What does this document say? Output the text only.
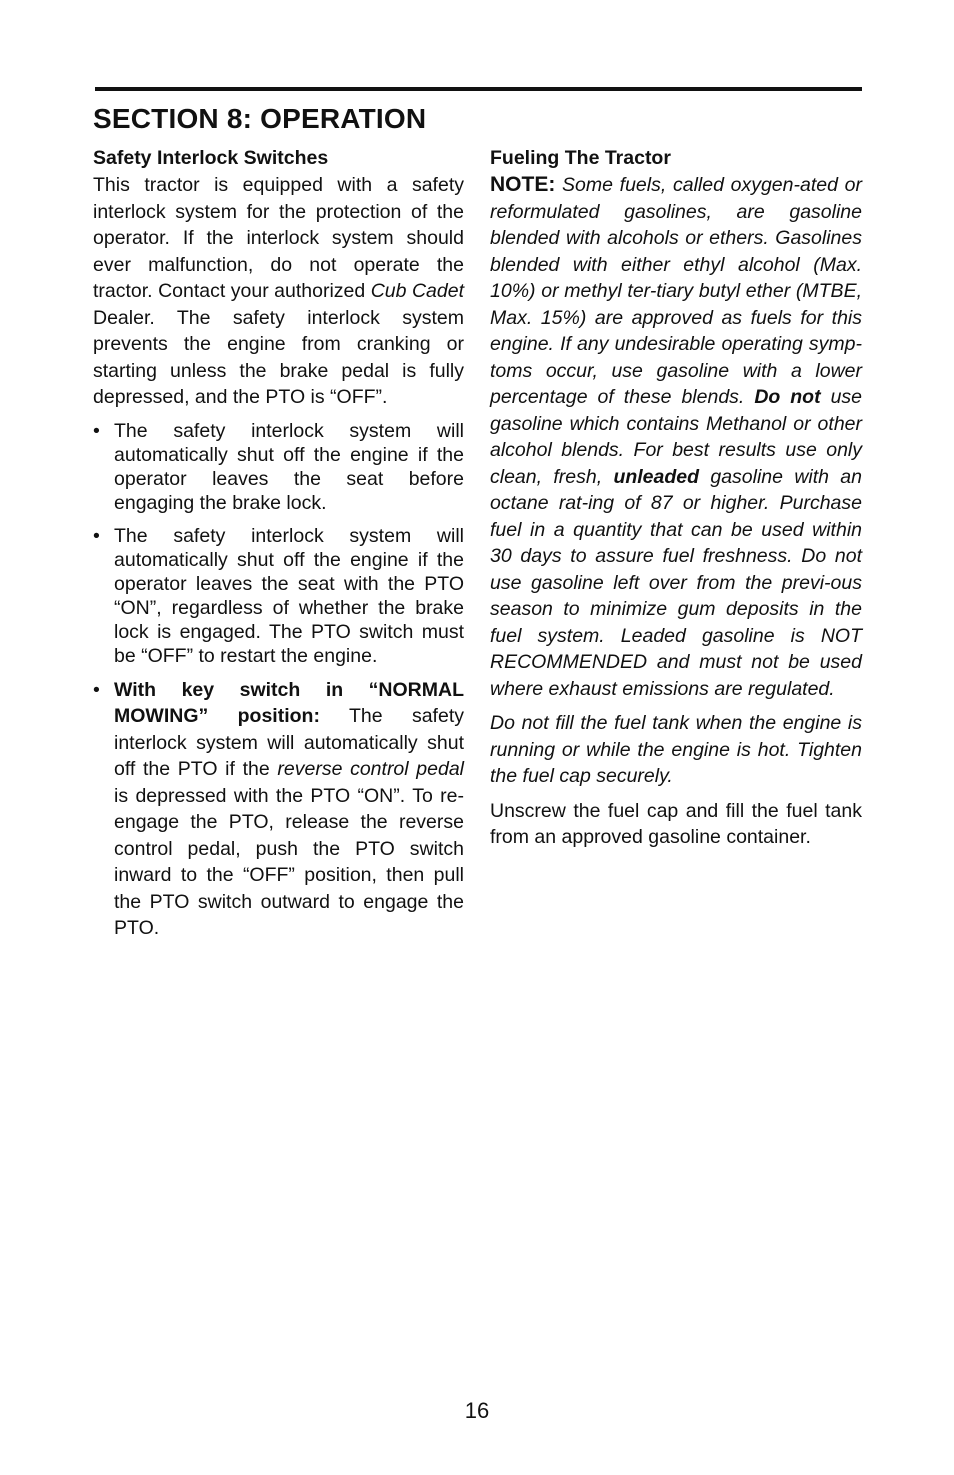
SECTION 8: OPERATION
Safety Interlock Switches

This tractor is equipped with a safety interlock system for the protection of the operator. If the interlock system should ever malfunction, do not operate the tractor. Contact your authorized Cub Cadet Dealer. The safety interlock system prevents the engine from cranking or starting unless the brake pedal is fully depressed, and the PTO is “OFF”.

• The safety interlock system will automatically shut off the engine if the operator leaves the seat before engaging the brake lock.
• The safety interlock system will automatically shut off the engine if the operator leaves the seat with the PTO “ON”, regardless of whether the brake lock is engaged. The PTO switch must be “OFF” to restart the engine.
• With key switch in “NORMAL MOWING” position: The safety interlock system will automatically shut off the PTO if the reverse control pedal is depressed with the PTO “ON”. To re-engage the PTO, release the reverse control pedal, push the PTO switch inward to the “OFF” position, then pull the PTO switch outward to engage the PTO.
Fueling The Tractor

NOTE: Some fuels, called oxygen-ated or reformulated gasolines, are gasoline blended with alcohols or ethers. Gasolines blended with either ethyl alcohol (Max. 10%) or methyl ter-tiary butyl ether (MTBE, Max. 15%) are approved as fuels for this engine. If any undesirable operating symp-toms occur, use gasoline with a lower percentage of these blends. Do not use gasoline which contains Methanol or other alcohol blends. For best results use only clean, fresh, unleaded gasoline with an octane rat-ing of 87 or higher. Purchase fuel in a quantity that can be used within 30 days to assure fuel freshness. Do not use gasoline left over from the previ-ous season to minimize gum deposits in the fuel system. Leaded gasoline is NOT RECOMMENDED and must not be used where exhaust emissions are regulated.

Do not fill the fuel tank when the engine is running or while the engine is hot. Tighten the fuel cap securely.

Unscrew the fuel cap and fill the fuel tank from an approved gasoline container.

16
